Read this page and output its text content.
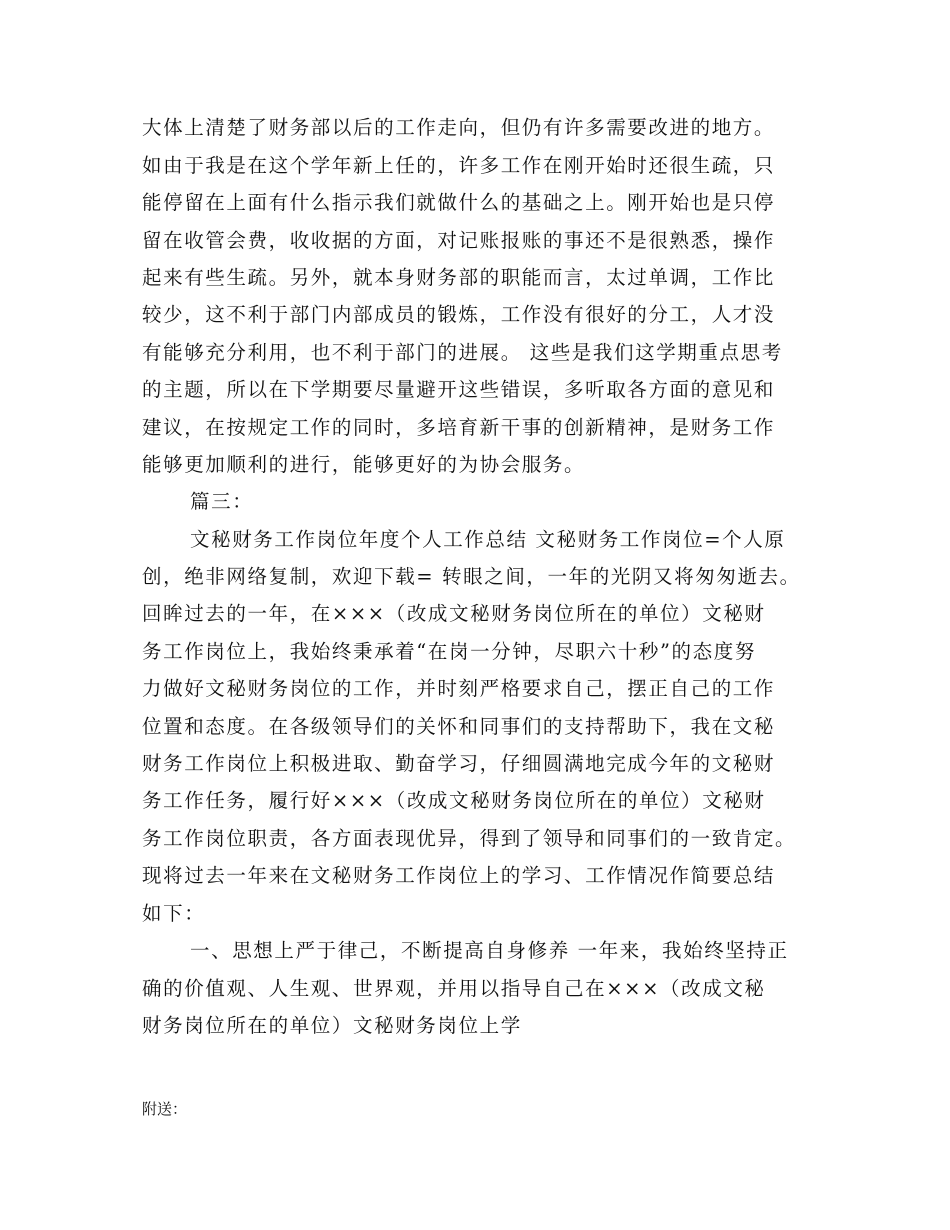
大体上清楚了财务部以后的工作走向，但仍有许多需要改进的地方。
如由于我是在这个学年新上任的，许多工作在刚开始时还很生疏，只
能停留在上面有什么指示我们就做什么的基础之上。刚开始也是只停
留在收管会费，收收据的方面，对记账报账的事还不是很熟悉，操作
起来有些生疏。另外，就本身财务部的职能而言，太过单调，工作比
较少，这不利于部门内部成员的锻炼，工作没有很好的分工，人才没
有能够充分利用，也不利于部门的进展。 这些是我们这学期重点思考
的主题，所以在下学期要尽量避开这些错误，多听取各方面的意见和
建议，在按规定工作的同时，多培育新干事的创新精神，是财务工作
能够更加顺利的进行，能够更好的为协会服务。
篇三：
文秘财务工作岗位年度个人工作总结 文秘财务工作岗位=个人原
创，绝非网络复制，欢迎下载= 转眼之间，一年的光阴又将匆匆逝去。
回眸过去的一年，在×××（改成文秘财务岗位所在的单位）文秘财
务工作岗位上，我始终秉承着“在岗一分钟，尽职六十秒”的态度努
力做好文秘财务岗位的工作，并时刻严格要求自己，摆正自己的工作
位置和态度。在各级领导们的关怀和同事们的支持帮助下，我在文秘
财务工作岗位上积极进取、勤奋学习，仔细圆满地完成今年的文秘财
务工作任务，履行好×××（改成文秘财务岗位所在的单位）文秘财
务工作岗位职责，各方面表现优异，得到了领导和同事们的一致肯定。
现将过去一年来在文秘财务工作岗位上的学习、工作情况作简要总结
如下：
一、思想上严于律己，不断提高自身修养 一年来，我始终坚持正
确的价值观、人生观、世界观，并用以指导自己在×××（改成文秘
财务岗位所在的单位）文秘财务岗位上学
附送：
